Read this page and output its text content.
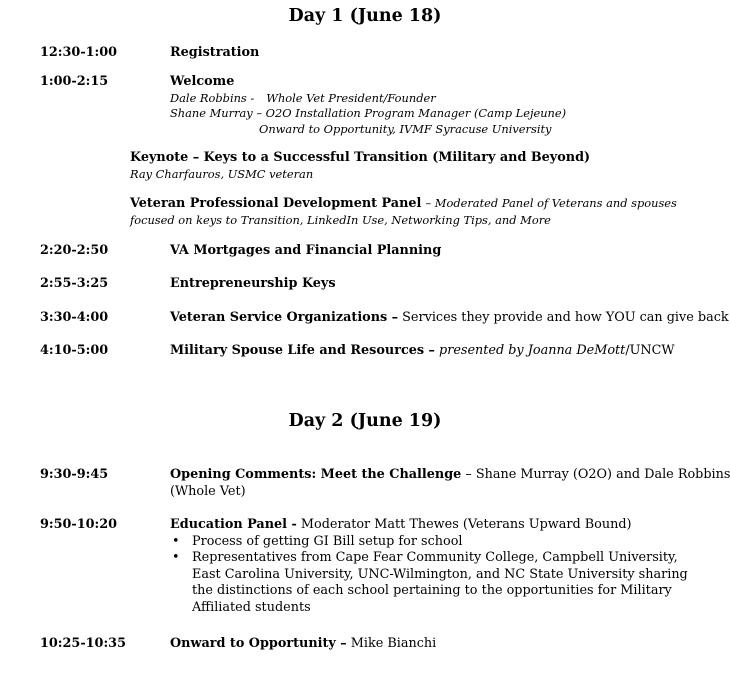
Day 1 (June 18)
12:30-1:00	Registration
1:00-2:15	Welcome
Dale Robbins - Whole Vet President/Founder
Shane Murray – O2O Installation Program Manager (Camp Lejeune)
Onward to Opportunity, IVMF Syracuse University
Keynote – Keys to a Successful Transition (Military and Beyond)
Ray Charfauros, USMC veteran
Veteran Professional Development Panel – Moderated Panel of Veterans and spouses
focused on keys to Transition, LinkedIn Use, Networking Tips, and More
2:20-2:50	VA Mortgages and Financial Planning
2:55-3:25	Entrepreneurship Keys
3:30-4:00	Veteran Service Organizations – Services they provide and how YOU can give back
4:10-5:00	Military Spouse Life and Resources – presented by Joanna DeMott/UNCW
Day 2 (June 19)
9:30-9:45	Opening Comments: Meet the Challenge – Shane Murray (O2O) and Dale Robbins
(Whole Vet)
9:50-10:20	Education Panel - Moderator Matt Thewes (Veterans Upward Bound)
• Process of getting GI Bill setup for school
• Representatives from Cape Fear Community College, Campbell University, East Carolina University, UNC-Wilmington, and NC State University sharing the distinctions of each school pertaining to the opportunities for Military Affiliated students
10:25-10:35	Onward to Opportunity – Mike Bianchi
